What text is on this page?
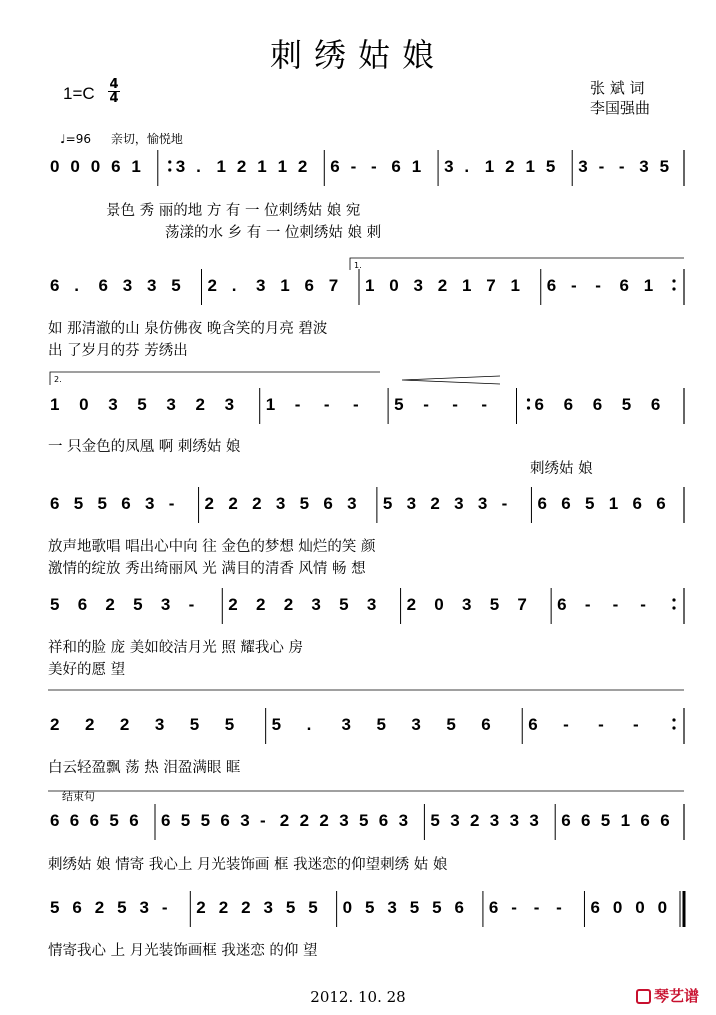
刺绣姑娘
1=C 4
4
张 斌 词
李国强曲
♩=96 亲切，愉悦地
0 0 0 6 1 3 . 1 2 1 1 2 6 - - 6 1 3 . 1 2 1 5 3 - - 3 5
景色 秀 丽的地 方 有 一 位刺绣姑 娘 宛
荡漾的水 乡 有 一 位刺绣姑 娘 刺
6 . 6 3 3 5 2 . 3 1 6 7 1 0 3 2 1 7 1 6 - - 6 1
如 那清澈的山 泉仿佛夜 晚含笑的月亮 碧波
出 了岁月的芬 芳绣出
1 0 3 5 3 2 3 1 - - - 5 - - -	6 6 6 5 6
一 只金色的凤凰 啊 刺绣姑 娘
刺绣姑 娘
6 5 5 6 3 - 2 2 2 3 5 6 3 5 3 2 3 3 - 6 6 5 1 6 6
放声地歌唱 唱出心中向 往 金色的梦想 灿烂的笑 颜
激情的绽放 秀出绮丽风 光 满目的清香 风情 畅 想
5 6 2 5 3 - 2 2 2 3 5 3 2 0 3 5 7 6 - - -
祥和的脸 庞 美如皎洁月光 照 耀我心 房
美好的愿 望
2 2 2 3 5 5 5 . 3 5 3 5 6 6 - - -
白云轻盈飘 荡 热 泪盈满眼 眶
6 6 6 5 6 6 5 5 6 3 - 2 2 2 3 5 6 3 5 3 2 3 3 3 6 6 5 1 6 6
刺绣姑 娘 情寄 我心上 月光装饰画 框 我迷恋的仰望刺绣 姑 娘
5 6 2 5 3 - 2 2 2 3 5 5 0 5 3 5 5 6 6 - - - 6 0 0 0
情寄我心 上 月光装饰画框 我迷恋 的仰 望
1.
2.
结束句
2012. 10. 28	琴艺谱
